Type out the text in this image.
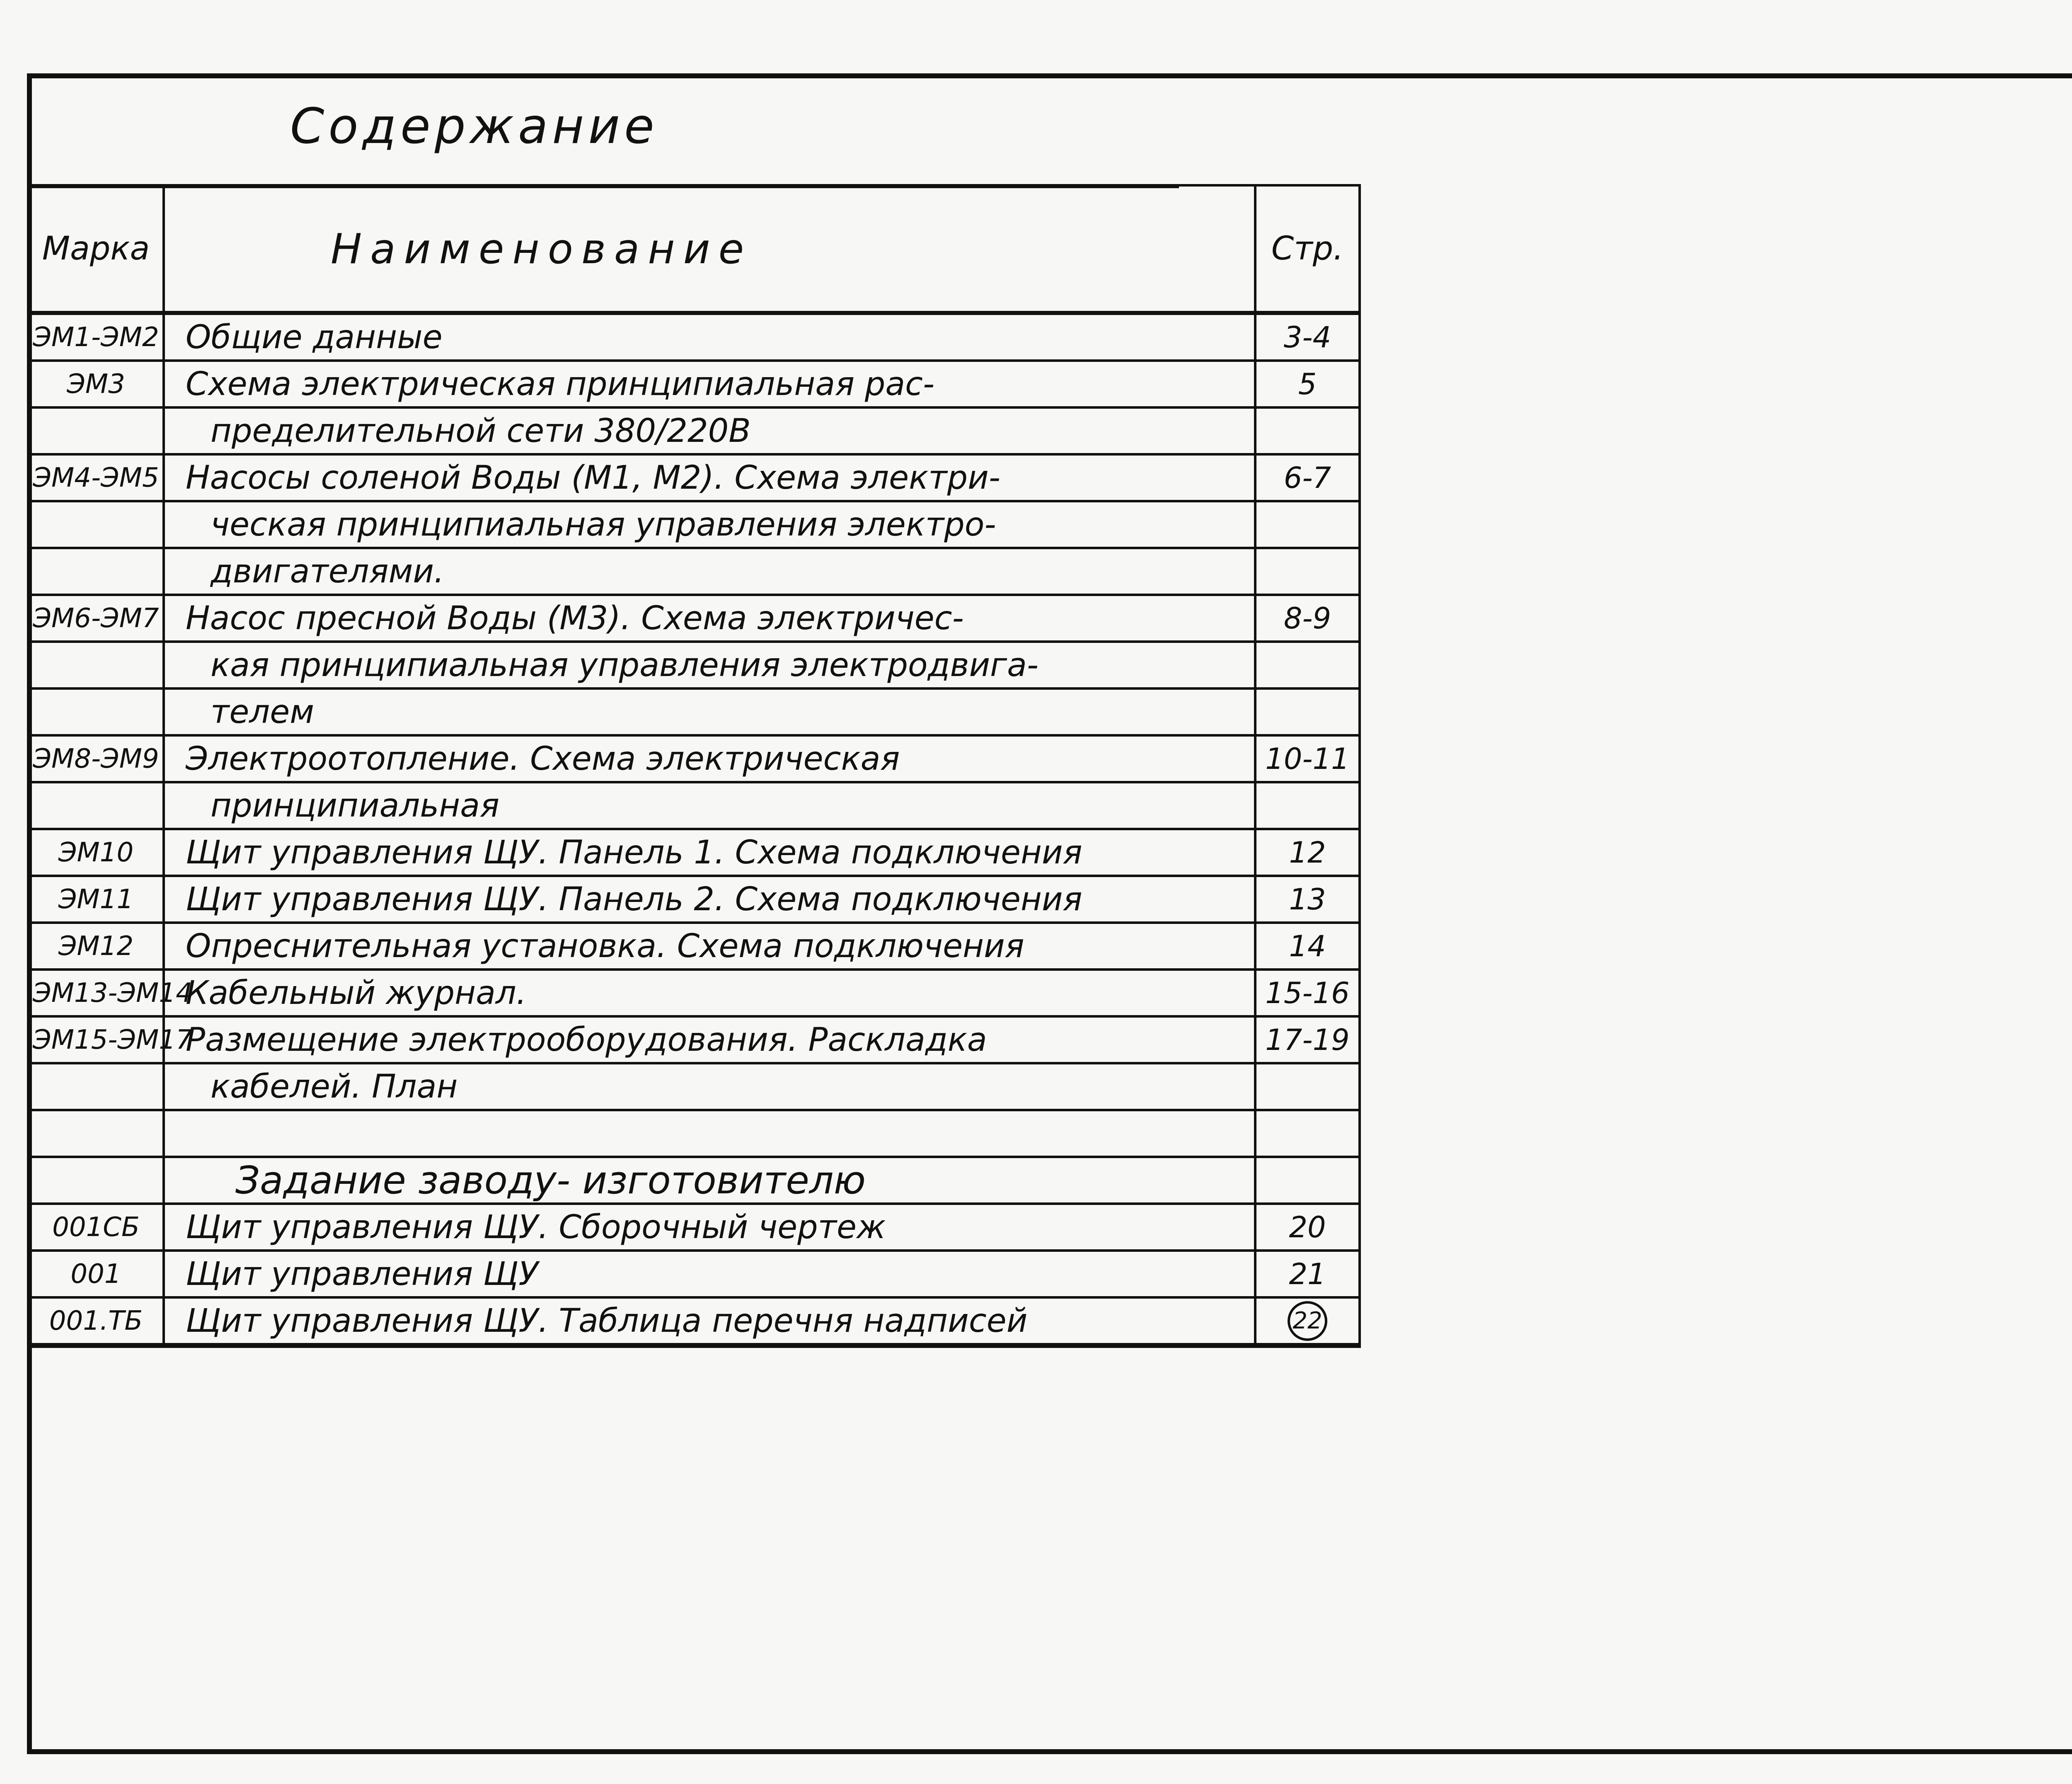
Содержание
Марка	Наименование	Стр.
ЭМ1-ЭМ2	Общие данные	3-4
ЭМ3	Схема электрическая принципиальная рас-	5
	пределительной сети 380/220В	
ЭМ4-ЭМ5	Насосы соленой Воды (М1, М2). Схема электри-	6-7
	ческая принципиальная управления электро-	
	двигателями.	
ЭМ6-ЭМ7	Насос пресной Воды (М3). Схема электричес-	8-9
	кая принципиальная управления электродвига-	
	телем	
ЭМ8-ЭМ9	Электроотопление. Схема электрическая	10-11
	принципиальная	
ЭМ10	Щит управления ЩУ. Панель 1. Схема подключения	12
ЭМ11	Щит управления ЩУ. Панель 2. Схема подключения	13
ЭМ12	Опреснительная установка. Схема подключения	14
ЭМ13-ЭМ14	Кабельный журнал.	15-16
ЭМ15-ЭМ17	Размещение электрооборудования. Раскладка	17-19
	кабелей. План	

	Задание заводу- изготовителю	
001СБ	Щит управления ЩУ. Сборочный чертеж	20
001	Щит управления ЩУ	21
001.ТБ	Щит управления ЩУ. Таблица перечня надписей	22
